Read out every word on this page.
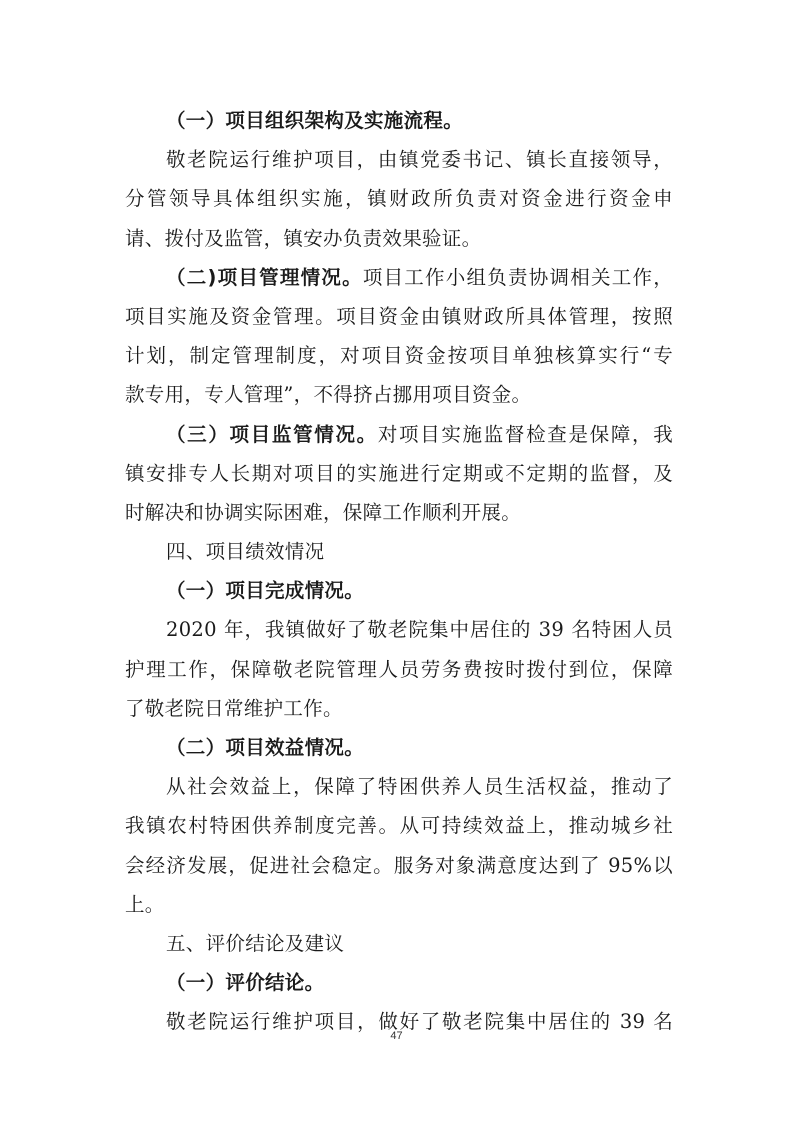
（一）项目组织架构及实施流程。
敬老院运行维护项目，由镇党委书记、镇长直接领导，
分管领导具体组织实施，镇财政所负责对资金进行资金申
请、拨付及监管，镇安办负责效果验证。
（二)项目管理情况。项目工作小组负责协调相关工作，
项目实施及资金管理。项目资金由镇财政所具体管理，按照
计划，制定管理制度，对项目资金按项目单独核算实行“专
款专用，专人管理”，不得挤占挪用项目资金。
（三）项目监管情况。对项目实施监督检查是保障，我
镇安排专人长期对项目的实施进行定期或不定期的监督，及
时解决和协调实际困难，保障工作顺利开展。
四、项目绩效情况
（一）项目完成情况。
2020 年，我镇做好了敬老院集中居住的 39 名特困人员
护理工作，保障敬老院管理人员劳务费按时拨付到位，保障
了敬老院日常维护工作。
（二）项目效益情况。
从社会效益上，保障了特困供养人员生活权益，推动了
我镇农村特困供养制度完善。从可持续效益上，推动城乡社
会经济发展，促进社会稳定。服务对象满意度达到了 95%以
上。
五、评价结论及建议
（一）评价结论。
敬老院运行维护项目，做好了敬老院集中居住的 39 名
47
